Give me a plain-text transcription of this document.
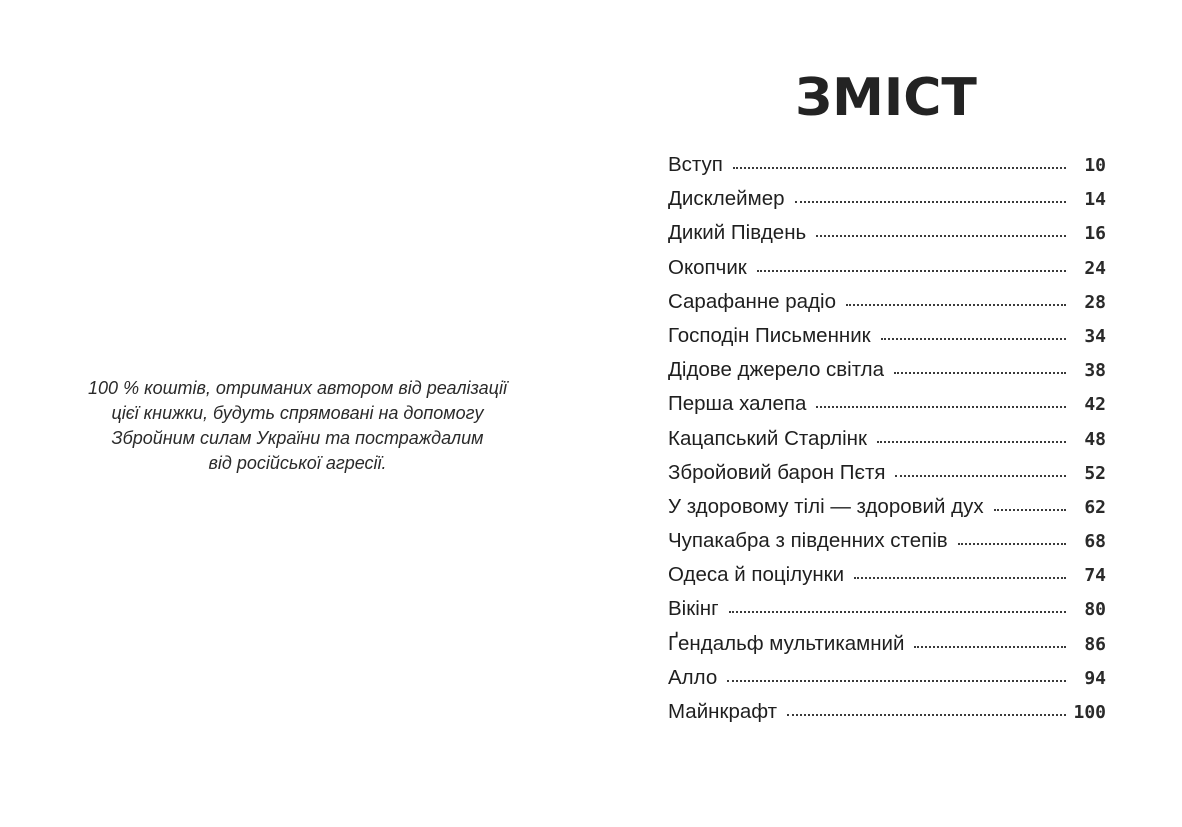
100 % коштів, отриманих автором від реалізації
цієї книжки, будуть спрямовані на допомогу
Збройним силам України та постраждалим
від російської агресії.
ЗМІСТ
Вступ	10
Дисклеймер	14
Дикий Південь	16
Окопчик	24
Сарафанне радіо	28
Господін Письменник	34
Дідове джерело світла	38
Перша халепа	42
Кацапський Старлінк	48
Збройовий барон Пєтя	52
У здоровому тілі — здоровий дух	62
Чупакабра з південних степів	68
Одеса й поцілунки	74
Вікінг	80
Ґендальф мультикамний	86
Алло	94
Майнкрафт	100
